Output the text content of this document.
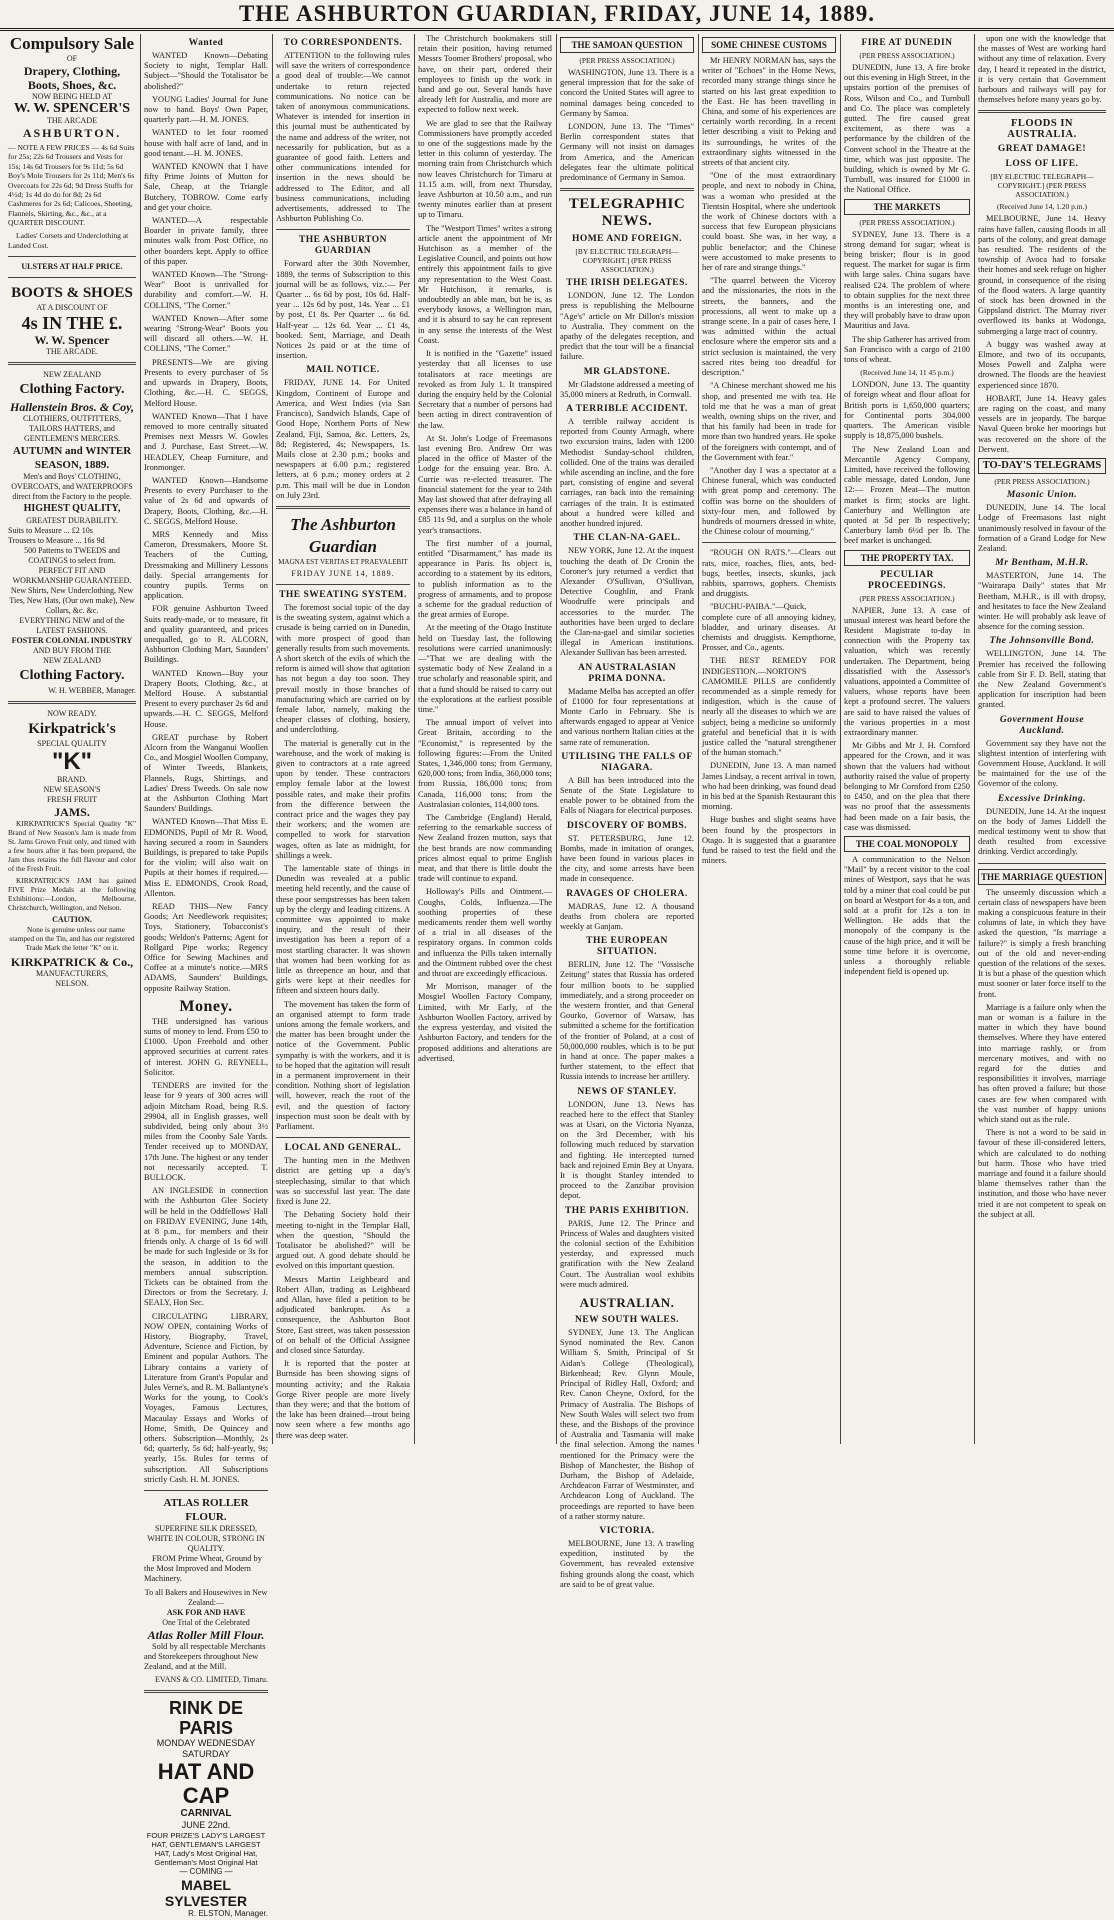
THE ASHBURTON GUARDIAN, FRIDAY, JUNE 14, 1889.
Compulsory Sale
OF
Drapery, Clothing,
Boots, Shoes, &c.
NOW BEING HELD AT
W. W. SPENCER'S
THE ARCADE
ASHBURTON.

— NOTE A FEW PRICES — 4s 6d Suits for 25s; 22s 6d Trousers and Vests for 15s; 14s 6d Trousers for 9s 11d; 5s 6d Boy's Mole Trousers for 2s 11d; Men's 6s Overcoats for 22s 6d; 9d Dress Stuffs for 4½d; 1s 4d do do for 8d; 2s 6d Cashmeres for 2s 6d; Calicoes, Sheeting, Flannels, Skirting, &c., &c., at a QUARTER DISCOUNT.

Ladies' Corsets and Underclothing at Landed Cost.

ULSTERS AT HALF PRICE.
BOOTS & SHOES
AT A DISCOUNT OF
4s IN THE £.
W. W. Spencer
THE ARCADE.
NEW ZEALAND
Clothing Factory.
Hallenstein Bros. & Coy,
CLOTHIERS, OUTFITTERS, TAILORS HATTERS, and GENTLEMEN'S MERCERS.
AUTUMN and WINTER
SEASON, 1889.
Men's and Boys' CLOTHING, OVERCOATS, and WATERPROOFS direct from the Factory to the people.
HIGHEST QUALITY,
GREATEST DURABILITY.
Suits to Measure ... £2 10s
Trousers to Measure ... 16s 9d
500 Patterns to TWEEDS and COATINGS to select from.
PERFECT FIT AND WORKMANSHIP GUARANTEED.
New Shirts, New Underclothing, New Ties, New Hats, (Our own make), New Collars, &c. &c.
EVERYTHING NEW and of the LATEST FASHIONS.
FOSTER COLONIAL INDUSTRY
AND BUY FROM THE
NEW ZEALAND
Clothing Factory.
W. H. WEBBER, Manager.
NOW READY.
Kirkpatrick's
SPECIAL QUALITY
"K"
BRAND.
NEW SEASON'S
FRESH FRUIT
JAMS.

KIRKPATRICK'S Special Quality "K" Brand of New Season's Jam is made from St. Jams Grown Fruit only, and timed with a few hours after it has been prepared, the Jam thus retains the full flavour and color of the Fresh Fruit.

KIRKPATRICK'S JAM has gained FIVE Prize Medals at the following Exhibitions:—London, Melbourne, Christchurch, Wellington, and Nelson.

CAUTION.

None is genuine unless our name stamped on the Tin, and has our registered Trade Mark the letter "K" on it.

KIRKPATRICK & Co.,
MANUFACTURERS,
NELSON.
Wanted

WANTED Known—Debating Society to night, Templar Hall. Subject—"Should the Totalisator be abolished?"

YOUNG Ladies' Journal for June now to hand. Boys' Own Paper, quarterly part.—H. M. JONES.

WANTED to let four roomed house with half acre of land, and in good tenant.—H. M. JONES.

WANTED KNOWN that I have fifty Prime Joints of Mutton for Sale, Cheap, at the Triangle Butchery, TOBROW. Come early and get your choice.

WANTED—A respectable Boarder in private family, three minutes walk from Post Office, no other boarders kept. Apply to office of this paper.

WANTED Known—The "Strong-Wear" Boot is unrivalled for durability and comfort.—W. H. COLLINS, "The Corner."

WANTED Known—After some wearing "Strong-Wear" Boots you will discard all others.—W. H. COLLINS, "The Corner."

PRESENTS—We are giving Presents to every purchaser of 5s and upwards in Drapery, Boots, Clothing, &c.—H. C. SEGGS, Melford House.

WANTED Known—That I have removed to more centrally situated Premises next Messrs W. Gowles and J. Purchase, East Street.—W. HEADLEY, Cheap Furniture, and Ironmonger.

WANTED Known—Handsome Presents to every Purchaser to the value of 2s 6d and upwards of Drapery, Boots, Clothing, &c.—H. C. SEGGS, Melford House.

MRS Kennedy and Miss Cameron, Dressmakers, Moore St. Teachers of the Cutting, Dressmaking and Millinery Lessons daily. Special arrangements for country pupils. Terms on application.

FOR genuine Ashburton Tweed Suits ready-made, or to measure, fit and quality guaranteed, and prices unequalled, go to R. ALCORN, Ashburton Clothing Mart, Saunders' Buildings.

WANTED Known—Buy your Drapery Boots, Clothing, &c., at Melford House. A substantial Present to every purchaser 2s 6d and upwards.—H. C. SEGGS, Melford House.

GREAT purchase by Robert Alcorn from the Wanganui Woollen Co., and Mosgiel Woollen Company, of Winter Tweeds, Blankets, Flannels, Rugs, Shirtings, and Ladies' Dress Tweeds. On sale now at the Ashburton Clothing Mart Saunders' Buildings.

WANTED Known—That Miss E. EDMONDS, Pupil of Mr R. Wood, having secured a room in Saunders Buildings, is prepared to take Pupils for the violin; will also wait on Pupils at their homes if required.—Miss E. EDMONDS, Crook Road, Allenton.

READ THIS—New Fancy Goods; Art Needlework requisites; Toys, Stationery, Tobacconist's goods; Weldon's Patterns; Agent for Rollgard Pipe works; Regency Office for Sewing Machines and Coffee at a minute's notice.—MRS ADAMS, Saunders' Buildings, opposite Railway Station.

Money.

THE undersigned has various sums of money to lend. From £50 to £1000. Upon Freehold and other approved securities at current rates of interest. JOHN G. REYNELL, Solicitor.

TENDERS are invited for the lease for 9 years of 300 acres will adjoin Mitcham Road, being R.S. 29904, all in English grasses, well subdivided, being only about 3½ miles from the Coonby Sale Yards. Tender received up to MONDAY, 17th June. The highest or any tender not necessarily accepted. T. BULLOCK.

AN INGLESIDE in connection with the Ashburton Glee Society will be held in the Oddfellows' Hall on FRIDAY EVENING, June 14th, at 8 p.m., for members and their friends only. A charge of 1s 6d will be made for such Ingleside or 3s for the season, in addition to the members annual subscription. Tickets can be obtained from the Directors or from the Secretary. J. SEALY, Hon Sec.

CIRCULATING LIBRARY, NOW OPEN, containing Works of History, Biography, Travel, Adventure, Science and Fiction, by Eminent and popular Authors. The Library contains a variety of Literature from Grant's Popular and Jules Verne's, and R. M. Ballantyne's Works for the young, to Cook's Voyages, Famous Lectures, Macaulay Essays and Works of Home, Smith, De Quincey and others. Subscription—Monthly, 2s 6d; quarterly, 5s 6d; half-yearly, 9s; yearly, 15s. Rules for terms of subscription. All Subscriptions strictly Cash. H. M. JONES.

ATLAS ROLLER FLOUR.
SUPERFINE SILK DRESSED,
WHITE IN COLOUR, STRONG IN QUALITY.

FROM Prime Wheat, Ground by the Most Improved and Modern Machinery.

To all Bakers and Housewives in New Zealand:—
ASK FOR AND HAVE
One Trial of the Celebrated
Atlas Roller Mill Flour.

Sold by all respectable Merchants and Storekeepers throughout New Zealand, and at the Mill.

EVANS & CO. LIMITED, Timaru.
RINK DE PARIS
MONDAY WEDNESDAY SATURDAY
HAT AND CAP
CARNIVAL
JUNE 22nd.
FOUR PRIZE'S LADY'S LARGEST HAT, GENTLEMAN'S LARGEST HAT, Lady's Most Original Hat, Gentleman's Most Original Hat
— COMING —
MABEL SYLVESTER
R. ELSTON, Manager.
TO CORRESPONDENTS.

ATTENTION to the following rules will save the writers of correspondence a good deal of trouble:—We cannot undertake to return rejected communications. No notice can be taken of anonymous communications. Whatever is intended for insertion in this journal must be authenticated by the name and address of the writer, not necessarily for publication, but as a guarantee of good faith. Letters and other communications intended for insertion in the news should be addressed to The Editor, and all business communications, including advertisements, addressed to The Ashburton Publishing Co.

THE ASHBURTON GUARDIAN

Forward after the 30th November, 1889, the terms of Subscription to this journal will be as follows, viz.:— Per Quarter ... 6s 6d by post, 10s 6d. Half-year ... 12s 6d by post, 14s. Year ... £1 by post, £1 8s. Per Quarter ... 6s 6d. Half-year ... 12s 6d. Year ... £1 4s, booked. Sent, Marriage, and Death Notices 2s paid or at the time of insertion.

MAIL NOTICE.

FRIDAY, JUNE 14. For United Kingdom, Continent of Europe and America, and West Indies (via San Francisco), Sandwich Islands, Cape of Good Hope, Northern Ports of New Zealand, Fiji, Samoa, &c. Letters, 2s, 8d; Registered, 4s; Newspapers, 1s. Mails close at 2.30 p.m.; books and newspapers at 6.00 p.m.; registered letters, at 6 p.m.; money orders at 2 p.m. This mail will be due in London on July 23rd.

The Ashburton Guardian
MAGNA EST VERITAS ET PRAEVALEBIT
FRIDAY JUNE 14, 1889.
THE SWEATING SYSTEM.

The foremost social topic of the day is the sweating system, against which a crusade is being carried on in Dunedin, with more prospect of good than generally results from such movements. A short sketch of the evils of which the reform is aimed will show that agitation has not begun a day too soon. They prevail mostly in those branches of manufacturing which are carried on by female labor, namely, making the cheaper classes of clothing, hosiery, and underclothing.

The material is generally cut in the warehouse, and the work of making is given to contractors at a rate agreed upon by tender. These contractors employ female labor at the lowest possible rates, and make their profits from the difference between the contract price and the wages they pay their workers; and the women are compelled to work for starvation wages, often as late as midnight, for shillings a week.

The lamentable state of things in Dunedin was revealed at a public meeting held recently, and the cause of these poor sempstresses has been taken up by the clergy and leading citizens. A committee was appointed to make inquiry, and the result of their investigation has been a report of a most startling character. It was shown that women had been working for as little as threepence an hour, and that girls were kept at their needles for fifteen and sixteen hours daily.

The movement has taken the form of an organised attempt to form trade unions among the female workers, and the matter has been brought under the notice of the Government. Public sympathy is with the workers, and it is to be hoped that the agitation will result in a permanent improvement in their condition. Nothing short of legislation will, however, reach the root of the evil, and the question of factory inspection must soon be dealt with by Parliament.

LOCAL AND GENERAL.

The hunting men in the Methven district are getting up a day's steeplechasing, similar to that which was so successful last year. The date fixed is June 22.

The Debating Society hold their meeting to-night in the Templar Hall, when the question, "Should the Totalisator be abolished?" will be argued out. A good debate should be evolved on this important question.

Messrs Martin Leighbeard and Robert Allan, trading as Leighbeard and Allan, have filed a petition to be adjudicated bankrupts. As a consequence, the Ashburton Boot Store, East street, was taken possession of on behalf of the Official Assignee and closed since Saturday.

It is reported that the poster at Burnside has been showing signs of mounting activity; and the Rakaia Gorge River people are more lively than they were; and that the bottom of the lake has been drained—trout being now seen where a few months ago there was deep water.

The Christchurch bookmakers still retain their position, having returned Messrs Toomer Brothers' proposal, who have, on their part, ordered their employees to finish up the work in hand and go out. Several hands have already left for Australia, and more are expected to follow next week.

We are glad to see that the Railway Commissioners have promptly acceded to one of the suggestions made by the letter in this column of yesterday. The morning train from Christchurch which now leaves Christchurch for Timaru at 11.15 a.m. will, from next Thursday, leave Ashburton at 10.50 a.m., and run twenty minutes earlier than at present up to Timaru.

The "Westport Times" writes a strong article anent the appointment of Mr Hutchison as a member of the Legislative Council, and points out how entirely this appointment fails to give any representation to the West Coast. Mr Hutchison, it remarks, is undoubtedly an able man, but he is, as everybody knows, a Wellington man, and it is absurd to say he can represent in any sense the interests of the West Coast.

It is notified in the "Gazette" issued yesterday that all licenses to use totalisators at race meetings are revoked as from July 1. It transpired during the enquiry held by the Colonial Secretary that a number of persons had been acting in direct contravention of the law.

At St. John's Lodge of Freemasons last evening Bro. Andrew Orr was placed in the office of Master of the Lodge for the ensuing year. Bro. A. Currie was re-elected treasurer. The financial statement for the year to 24th May last showed that after defraying all expenses there was a balance in hand of £85 11s 9d, and a surplus on the whole year's transactions.

The first number of a journal, entitled "Disarmament," has made its appearance in Paris. Its object is, according to a statement by its editors, to publish information as to the progress of armaments, and to propose a scheme for the gradual reduction of the great armies of Europe.

At the meeting of the Otago Institute held on Tuesday last, the following resolutions were carried unanimously:—"That we are dealing with the systematic body of New Zealand in a true scholarly and reasonable spirit, and that a fund should be raised to carry out the explorations at the earliest possible time."

The annual import of velvet into Great Britain, according to the "Economist," is represented by the following figures:—From the United States, 1,346,000 tons; from Germany, 620,000 tons; from India, 360,000 tons; from Russia, 186,000 tons; from Canada, 116,000 tons; from the Australasian colonies, 114,000 tons.

The Cambridge (England) Herald, referring to the remarkable success of New Zealand frozen mutton, says that the best brands are now commanding prices almost equal to prime English meat, and that there is little doubt the trade will continue to expand.

Holloway's Pills and Ointment.—Coughs, Colds, Influenza.—The soothing properties of these medicaments render them well worthy of a trial in all diseases of the respiratory organs. In common colds and influenza the Pills taken internally and the Ointment rubbed over the chest and throat are exceedingly efficacious.

Mr Morrison, manager of the Mosgiel Woollen Factory Company, Limited, with Mr Early, of the Ashburton Woollen Factory, arrived by the express yesterday, and visited the Ashburton Factory, and tenders for the proposed additions and alterations are advertised.

THE SAMOAN QUESTION
(PER PRESS ASSOCIATION.)

WASHINGTON, June 13. There is a general impression that for the sake of concord the United States will agree to nominal damages being conceded to Germany by Samoa.

LONDON, June 13. The "Times" Berlin correspondent states that Germany will not insist on damages from America, and the American delegates fear the ultimate political predominance of Germany in Samoa.

TELEGRAPHIC NEWS.
HOME AND FOREIGN.
[BY ELECTRIC TELEGRAPH—COPYRIGHT.] (PER PRESS ASSOCIATION.)
THE IRISH DELEGATES.

LONDON, June 12. The London press is republishing the Melbourne "Age's" article on Mr Dillon's mission to Australia. They comment on the apathy of the delegates reception, and predict that the tour will be a financial failure.

MR GLADSTONE.

Mr Gladstone addressed a meeting of 35,000 miners at Redruth, in Cornwall.

A TERRIBLE ACCIDENT.

A terrible railway accident is reported from County Armagh, where two excursion trains, laden with 1200 Methodist Sunday-school children, collided. One of the trains was derailed while ascending an incline, and the fore part, consisting of engine and several carriages, ran back into the remaining carriages of the train. It is estimated about a hundred were killed and another hundred injured.

THE CLAN-NA-GAEL.

NEW YORK, June 12. At the inquest touching the death of Dr Cronin the Coroner's jury returned a verdict that Alexander O'Sullivan, O'Sullivan, Detective Coughlin, and Frank Woodruffe were principals and accessories to the murder. The authorities have been urged to declare the Clan-na-gael and similar societies illegal in American institutions. Alexander Sullivan has been arrested.

AN AUSTRALASIAN PRIMA DONNA.

Madame Melba has accepted an offer of £1000 for four representations at Monte Carlo in February. She is afterwards engaged to appear at Venice and various northern Italian cities at the same rate of remuneration.

UTILISING THE FALLS OF NIAGARA.

A Bill has been introduced into the Senate of the State Legislature to enable power to be obtained from the Falls of Niagara for electrical purposes.

DISCOVERY OF BOMBS.

ST. PETERSBURG, June 12. Bombs, made in imitation of oranges, have been found in various places in the city, and some arrests have been made in consequence.

RAVAGES OF CHOLERA.

MADRAS, June 12. A thousand deaths from cholera are reported weekly at Ganjam.

THE EUROPEAN SITUATION.

BERLIN, June 12. The "Vossische Zeitung" states that Russia has ordered four million boots to be supplied immediately, and a strong proceeder on the western frontier, and that General Gourko, Governor of Warsaw, has submitted a scheme for the fortification of the frontier of Poland, at a cost of 50,000,000 roubles, which is to be put in hand at once. The paper makes a further statement, to the effect that Russia intends to increase her artillery.

NEWS OF STANLEY.

LONDON, June 13. News has reached here to the effect that Stanley was at Usari, on the Victoria Nyanza, on the 3rd December, with his following much reduced by starvation and fighting. He intercepted turned back and rejoined Emin Bey at Unyara. It is thought Stanley intended to proceed to the Zanzibar provision depot.

THE PARIS EXHIBITION.

PARIS, June 12. The Prince and Princess of Wales and daughters visited the colonial section of the Exhibition yesterday, and expressed much gratification with the New Zealand Court. The Australian wool exhibits were much admired.

AUSTRALIAN.
NEW SOUTH WALES.

SYDNEY, June 13. The Anglican Synod nominated the Rev. Canon William S. Smith, Principal of St Aidan's College (Theological), Birkenhead; Rev. Glynn Moule, Principal of Ridley Hall, Oxford; and Rev. Canon Cheyne, Oxford, for the Primacy of Australia. The Bishops of New South Wales will select two from these, and the Bishops of the province of Australia and Tasmania will make the final selection. Among the names mentioned for the Primacy were the Bishop of Manchester, the Bishop of Durham, the Bishop of Adelaide, Archdeacon Farrar of Westminster, and Archdeacon Long of Auckland. The proceedings are reported to have been of a rather stormy nature.

VICTORIA.

MELBOURNE, June 13. A trawling expedition, instituted by the Government, has revealed extensive fishing grounds along the coast, which are said to be of great value.

SOME CHINESE CUSTOMS

Mr HENRY NORMAN has, says the writer of "Echoes" in the Home News, recorded many strange things since he started on his last great expedition to the East. He has been travelling in China, and some of his experiences are certainly worth recording. In a recent letter describing a visit to Peking and its surroundings, he writes of the extraordinary sights witnessed in the streets of that ancient city.

"One of the most extraordinary people, and next to nobody in China, was a woman who presided at the Tientsin Hospital, where she undertook the work of Chinese doctors with a success that few European physicians could boast. She was, in her way, a public benefactor; and the Chinese were accustomed to make presents to her of rare and strange things."

"The quarrel between the Viceroy and the missionaries, the riots in the streets, the banners, and the processions, all went to make up a strange scene. In a pair of cases here, I was admitted within the actual enclosure where the emperor sits and a strict seclusion is maintained, the very sacred rites being too dreadful for description."

"A Chinese merchant showed me his shop, and presented me with tea. He told me that he was a man of great wealth, owning ships on the river, and that his family had been in trade for more than two hundred years. He spoke of the foreigners with contempt, and of the Government with fear."

"Another day I was a spectator at a Chinese funeral, which was conducted with great pomp and ceremony. The coffin was borne on the shoulders of sixty-four men, and followed by hundreds of mourners dressed in white, the Chinese colour of mourning."

"ROUGH ON RATS."—Clears out rats, mice, roaches, flies, ants, bed-bugs, beetles, insects, skunks, jack rabbits, sparrows, gophers. Chemists and druggists.

"BUCHU-PAIBA."—Quick, complete cure of all annoying kidney, bladder, and urinary diseases. At chemists and druggists. Kempthorne, Prosser, and Co., agents.

THE BEST REMEDY FOR INDIGESTION.—NORTON'S CAMOMILE PILLS are confidently recommended as a simple remedy for indigestion, which is the cause of nearly all the diseases to which we are subject, being a medicine so uniformly grateful and beneficial that it is with justice called the "natural strengthener of the human stomach."

DUNEDIN, June 13. A man named James Lindsay, a recent arrival in town, who had been drinking, was found dead in his bed at the Spanish Restaurant this morning.

Huge bushes and slight seams have been found by the prospectors in Otago. It is suggested that a guarantee fund be raised to test the field and the miners.

FIRE AT DUNEDIN
(PER PRESS ASSOCIATION.)

DUNEDIN, June 13. A fire broke out this evening in High Street, in the upstairs portion of the premises of Ross, Wilson and Co., and Turnbull and Co. The place was completely gutted. The fire caused great excitement, as there was a performance by the children of the Convent school in the Theatre at the time, which was just opposite. The building, which is owned by Mr G. Turnbull, was insured for £1000 in the National Office.

THE MARKETS
(PER PRESS ASSOCIATION.)

SYDNEY, June 13. There is a strong demand for sugar; wheat is being brisker; flour is in good request. The market for sugar is firm with large sales. China sugars have realised £24. The problem of where to obtain supplies for the next three months is an interesting one, and they will probably have to draw upon Mauritius and Java.

The ship Gatherer has arrived from San Francisco with a cargo of 2100 tons of wheat.

(Received June 14, 11 45 p.m.)

LONDON, June 13. The quantity of foreign wheat and flour afloat for British ports is 1,650,000 quarters; for Continental ports 304,000 quarters. The American visible supply is 18,875,000 bushels.

The New Zealand Loan and Mercantile Agency Company, Limited, have received the following cable message, dated London, June 12:— Frozen Meat—The mutton market is firm; stocks are light. Canterbury and Wellington are quoted at 5d per lb respectively; Canterbury lamb 6½d per lb. The beef market is unchanged.

THE PROPERTY TAX.
PECULIAR PROCEEDINGS.
(PER PRESS ASSOCIATION.)

NAPIER, June 13. A case of unusual interest was heard before the Resident Magistrate to-day in connection with the Property tax valuation, which was recently undertaken. The Department, being dissatisfied with the Assessor's valuations, appointed a Committee of valuers, whose reports have been kept a profound secret. The valuers are said to have raised the values of the various properties in a most extraordinary manner.

Mr Gibbs and Mr J. H. Cornford appeared for the Crown, and it was shown that the valuers had without authority raised the value of property belonging to Mr Cornford from £250 to £450, and on the plea that there was no proof that the assessments had been made on a fair basis, the case was dismissed.

THE COAL MONOPOLY

A communication to the Nelson "Mail" by a recent visitor to the coal mines of Westport, says that he was told by a miner that coal could be put on board at Westport for 4s a ton, and sold at a profit for 12s a ton in Wellington. He adds that the monopoly of the company is the cause of the high price, and it will be some time before it is overcome, unless a thoroughly reliable independent field is opened up.

upon one with the knowledge that the masses of West are working hard without any time of relaxation. Every day, I heard it repeated in the district, it is very certain that Government harbours and railways will pay for themselves before many years go by.

FLOODS IN AUSTRALIA.
GREAT DAMAGE!
LOSS OF LIFE.
[BY ELECTRIC TELEGRAPH—COPYRIGHT.] (PER PRESS ASSOCIATION.)
(Received June 14, 1.20 p.m.)

MELBOURNE, June 14. Heavy rains have fallen, causing floods in all parts of the colony, and great damage has resulted. The residents of the township of Avoca had to forsake their homes and seek refuge on higher ground, in consequence of the rising of the flood waters. A large quantity of stock has been drowned in the Gippsland district. The Murray river overflowed its banks at Wodonga, submerging a large tract of country.

A buggy was washed away at Elmore, and two of its occupants, Moses Powell and Zalpha were drowned. The floods are the heaviest experienced since 1870.

HOBART, June 14. Heavy gales are raging on the coast, and many vessels are in jeopardy. The barque Naval Queen broke her moorings but was recovered on the shore of the Derwent.

TO-DAY'S TELEGRAMS
(PER PRESS ASSOCIATION.)
Masonic Union.

DUNEDIN, June 14. The local Lodge of Freemasons last night unanimously resolved in favour of the formation of a Grand Lodge for New Zealand.

Mr Bentham, M.H.R.

MASTERTON, June 14. The "Wairarapa Daily" states that Mr Beetham, M.H.R., is ill with dropsy, and hesitates to face the New Zealand winter. He will probably ask leave of absence for the coming session.

The Johnsonville Bond.

WELLINGTON, June 14. The Premier has received the following cable from Sir F. D. Bell, stating that the New Zealand Government's application for inscription had been granted.

Government House Auckland.

Government say they have not the slightest intention of interfering with Government House, Auckland. It will be maintained for the use of the Governor of the colony.

Excessive Drinking.

DUNEDIN, June 14. At the inquest on the body of James Liddell the medical testimony went to show that death resulted from excessive drinking. Verdict accordingly.

THE MARRIAGE QUESTION

The unseemly discussion which a certain class of newspapers have been making a conspicuous feature in their columns of late, in which they have asked the question, "Is marriage a failure?" is simply a fresh branching out of the old and never-ending question of the relations of the sexes. It is but a phase of the question which must sooner or later force itself to the front.

Marriage is a failure only when the man or woman is a failure in the matter in which they have bound themselves. Where they have entered into marriage rashly, or from mercenary motives, and with no regard for the duties and responsibilities it involves, marriage has often proved a failure; but those cases are few when compared with the vast number of happy unions which stand out as the rule.

There is not a word to be said in favour of these ill-considered letters, which are calculated to do nothing but harm. Those who have tried marriage and found it a failure should blame themselves rather than the institution, and those who have never tried it are not competent to speak on the subject at all.
